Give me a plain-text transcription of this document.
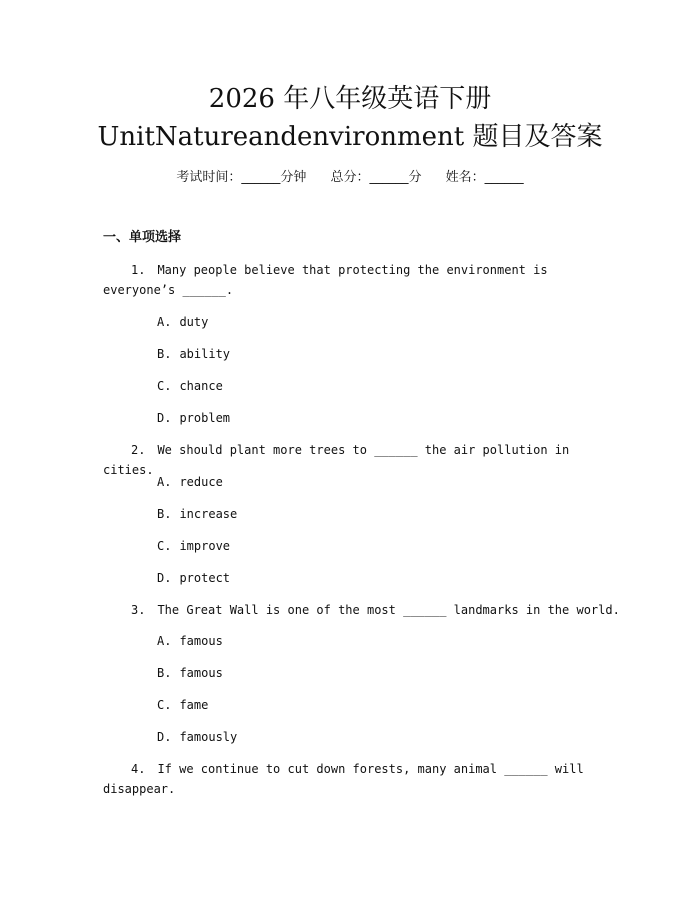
2026 年八年级英语下册
UnitNatureandenvironment 题目及答案
考试时间：______分钟 总分：______分 姓名：______
一、单项选择
1. Many people believe that protecting the environment is everyone’s ______.
A. duty
B. ability
C. chance
D. problem
2. We should plant more trees to ______ the air pollution in cities.
A. reduce
B. increase
C. improve
D. protect
3. The Great Wall is one of the most ______ landmarks in the world.
A. famous
B. famous
C. fame
D. famously
4. If we continue to cut down forests, many animal ______ will disappear.
